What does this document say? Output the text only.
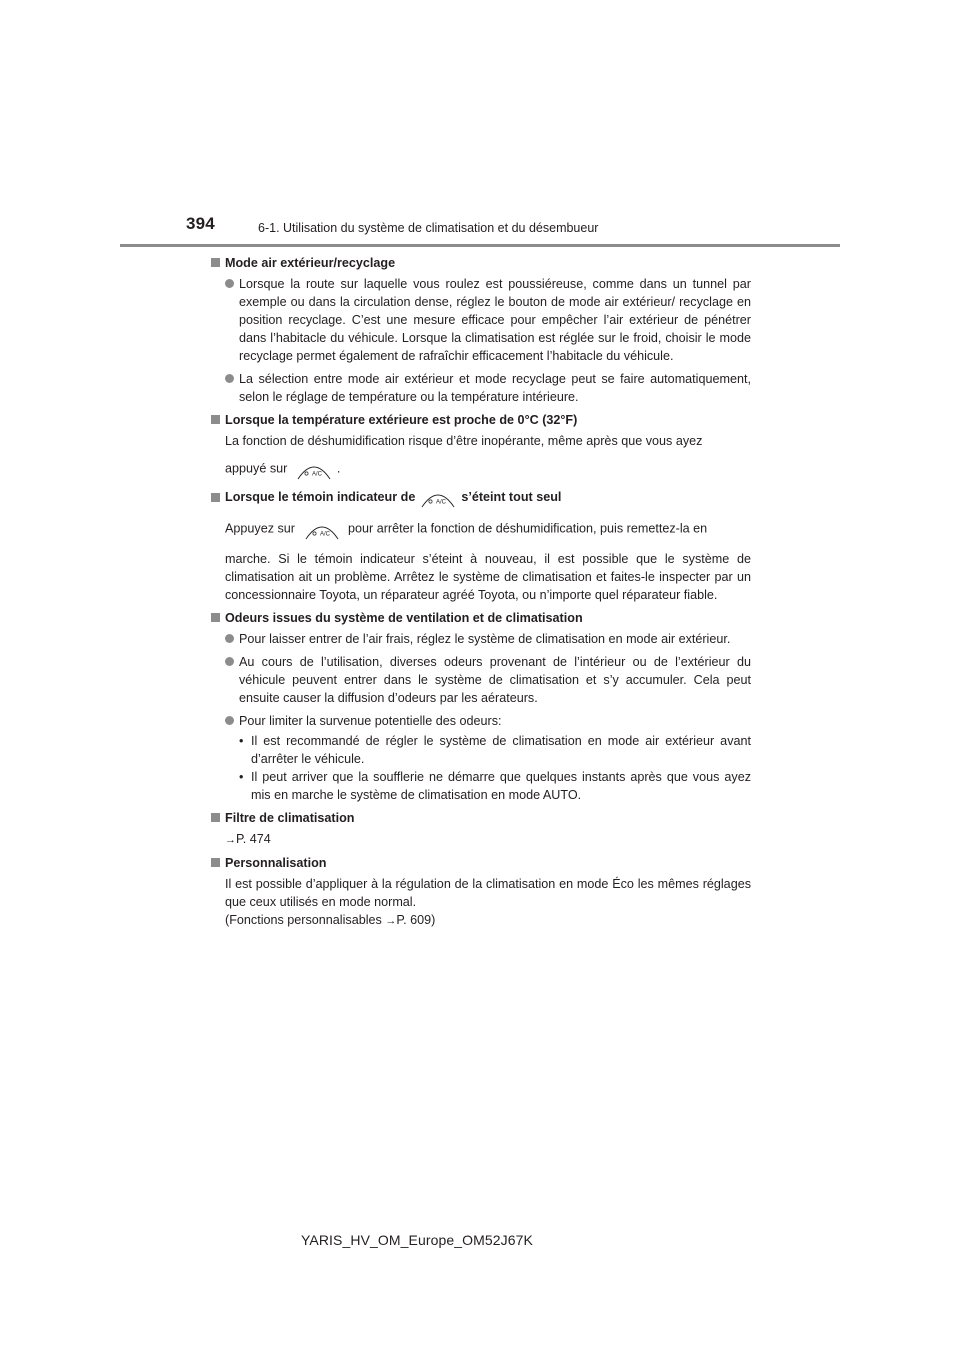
394	6-1. Utilisation du système de climatisation et du désembueur
Mode air extérieur/recyclage
Lorsque la route sur laquelle vous roulez est poussiéreuse, comme dans un tunnel par exemple ou dans la circulation dense, réglez le bouton de mode air extérieur/ recyclage en position recyclage. C’est une mesure efficace pour empêcher l’air extérieur de pénétrer dans l’habitacle du véhicule. Lorsque la climatisation est réglée sur le froid, choisir le mode recyclage permet également de rafraîchir efficacement l’habitacle du véhicule.
La sélection entre mode air extérieur et mode recyclage peut se faire automatiquement, selon le réglage de température ou la température intérieure.
Lorsque la température extérieure est proche de 0°C (32°F)
La fonction de déshumidification risque d’être inopérante, même après que vous ayez
appuyé sur	A/C .
Lorsque le témoin indicateur de	A/C s’éteint tout seul
Appuyez sur	A/C pour arrêter la fonction de déshumidification, puis remettez-la en
marche. Si le témoin indicateur s’éteint à nouveau, il est possible que le système de climatisation ait un problème. Arrêtez le système de climatisation et faites-le inspecter par un concessionnaire Toyota, un réparateur agréé Toyota, ou n’importe quel réparateur fiable.
Odeurs issues du système de ventilation et de climatisation
Pour laisser entrer de l’air frais, réglez le système de climatisation en mode air extérieur.
Au cours de l’utilisation, diverses odeurs provenant de l’intérieur ou de l’extérieur du véhicule peuvent entrer dans le système de climatisation et s’y accumuler. Cela peut ensuite causer la diffusion d’odeurs par les aérateurs.
Pour limiter la survenue potentielle des odeurs:
• Il est recommandé de régler le système de climatisation en mode air extérieur avant d’arrêter le véhicule.
• Il peut arriver que la soufflerie ne démarre que quelques instants après que vous ayez mis en marche le système de climatisation en mode AUTO.
Filtre de climatisation
→P. 474
Personnalisation
Il est possible d’appliquer à la régulation de la climatisation en mode Éco les mêmes réglages que ceux utilisés en mode normal.
(Fonctions personnalisables →P. 609)
YARIS_HV_OM_Europe_OM52J67K
